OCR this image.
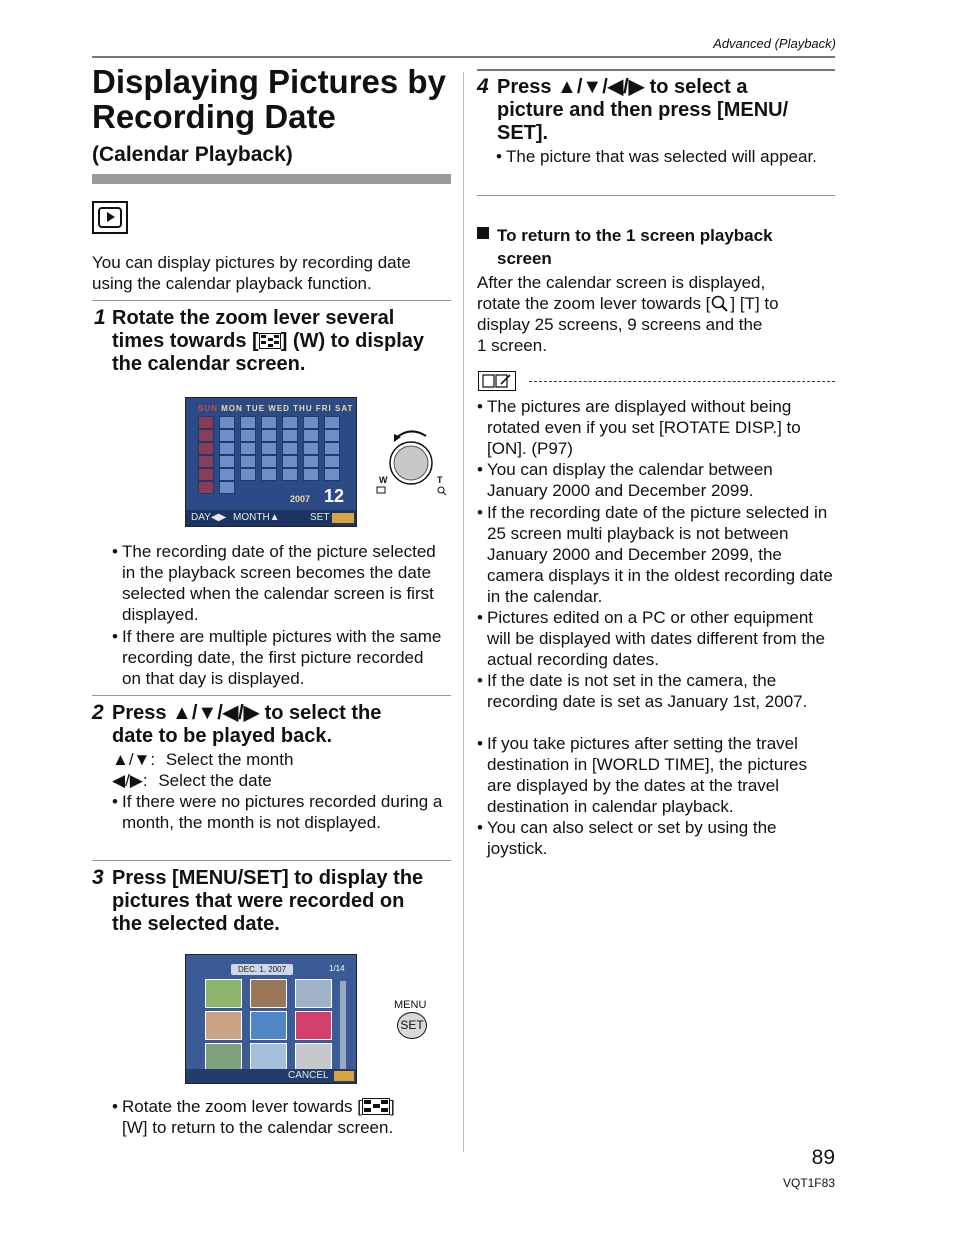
Advanced (Playback)
Displaying Pictures by Recording Date
(Calendar Playback)
You can display pictures by recording date using the calendar playback function.
1 Rotate the zoom lever several
times towards [ ] (W) to display
the calendar screen.
SUN MON TUE WED THU FRI SAT
2007 12
DAY◀▶ MONTH▲	SET
W	T
• The recording date of the picture selected in the playback screen becomes the date selected when the calendar screen is first displayed.
• If there are multiple pictures with the same recording date, the first picture recorded on that day is displayed.
2 Press ▲/▼/◀/▶ to select the
date to be played back.
▲/▼: Select the month
◀/▶: Select the date
• If there were no pictures recorded during a month, the month is not displayed.
3 Press [MENU/SET] to display the
pictures that were recorded on
the selected date.
DEC. 1. 2007	1/14
CANCEL
MENU
SET
• Rotate the zoom lever towards [ ]
[W] to return to the calendar screen.
4 Press ▲/▼/◀/▶ to select a
picture and then press [MENU/
SET].
• The picture that was selected will appear.
To return to the 1 screen playback
screen
After the calendar screen is displayed,
rotate the zoom lever towards [ ] [T] to
display 25 screens, 9 screens and the
1 screen.
• The pictures are displayed without being rotated even if you set [ROTATE DISP.] to [ON]. (P97)
• You can display the calendar between January 2000 and December 2099.
• If the recording date of the picture selected in 25 screen multi playback is not between January 2000 and December 2099, the camera displays it in the oldest recording date in the calendar.
• Pictures edited on a PC or other equipment will be displayed with dates different from the actual recording dates.
• If the date is not set in the camera, the recording date is set as January 1st, 2007.
• If you take pictures after setting the travel destination in [WORLD TIME], the pictures are displayed by the dates at the travel destination in calendar playback.
• You can also select or set by using the joystick.
89
VQT1F83
